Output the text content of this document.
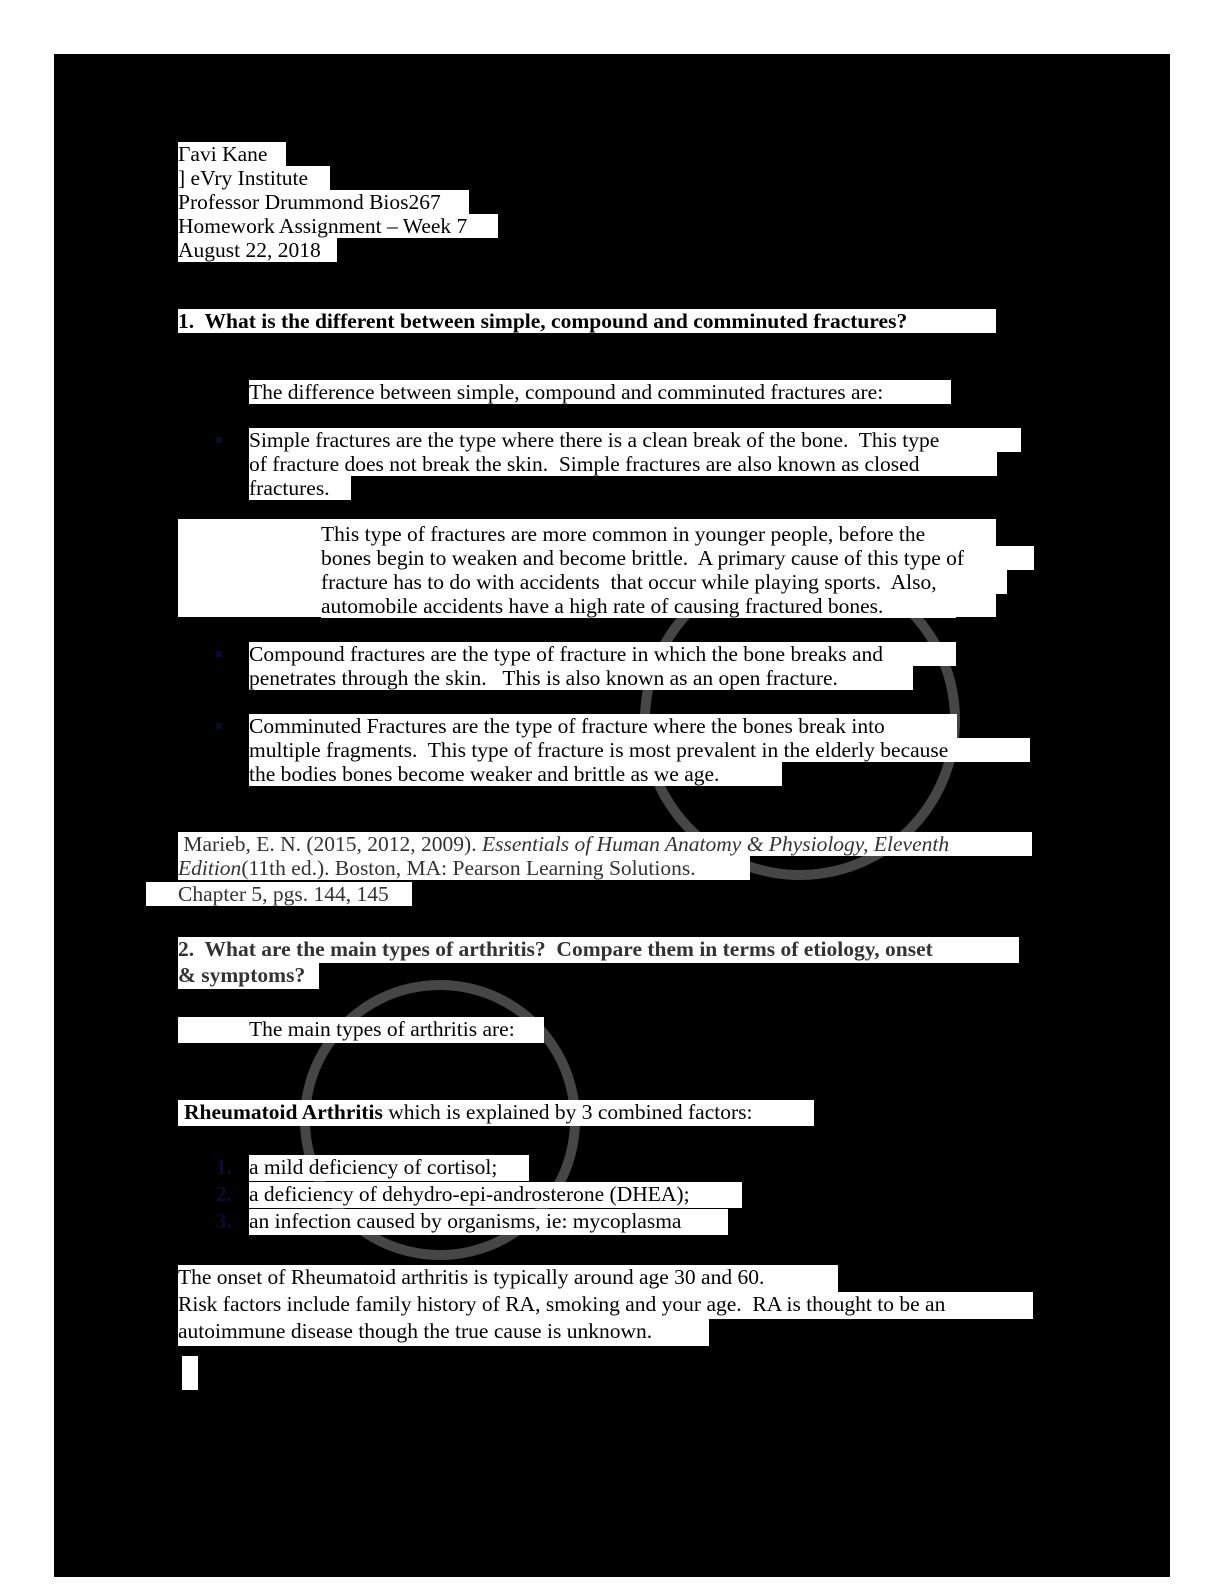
Γavi Kane
] eVry Institute
Professor Drummond Bios267
Homework Assignment – Week 7
August 22, 2018
1.  What is the different between simple, compound and comminuted fractures?
The difference between simple, compound and comminuted fractures are:
Simple fractures are the type where there is a clean break of the bone.  This type
of fracture does not break the skin.  Simple fractures are also known as closed
fractures.
This type of fractures are more common in younger people, before the
bones begin to weaken and become brittle.  A primary cause of this type of
fracture has to do with accidents  that occur while playing sports.  Also,
automobile accidents have a high rate of causing fractured bones.
Compound fractures are the type of fracture in which the bone breaks and
penetrates through the skin.   This is also known as an open fracture.
Comminuted Fractures are the type of fracture where the bones break into
multiple fragments.  This type of fracture is most prevalent in the elderly because
the bodies bones become weaker and brittle as we age.
Marieb, E. N. (2015, 2012, 2009). Essentials of Human Anatomy & Physiology, Eleventh
Edition(11th ed.). Boston, MA: Pearson Learning Solutions.
Chapter 5, pgs. 144, 145
2.  What are the main types of arthritis?  Compare them in terms of etiology, onset
& symptoms?
The main types of arthritis are:
Rheumatoid Arthritis which is explained by 3 combined factors:
1. a mild deficiency of cortisol;
2. a deficiency of dehydro-epi-androsterone (DHEA);
3. an infection caused by organisms, ie: mycoplasma
The onset of Rheumatoid arthritis is typically around age 30 and 60.
Risk factors include family history of RA, smoking and your age.  RA is thought to be an
autoimmune disease though the true cause is unknown.
